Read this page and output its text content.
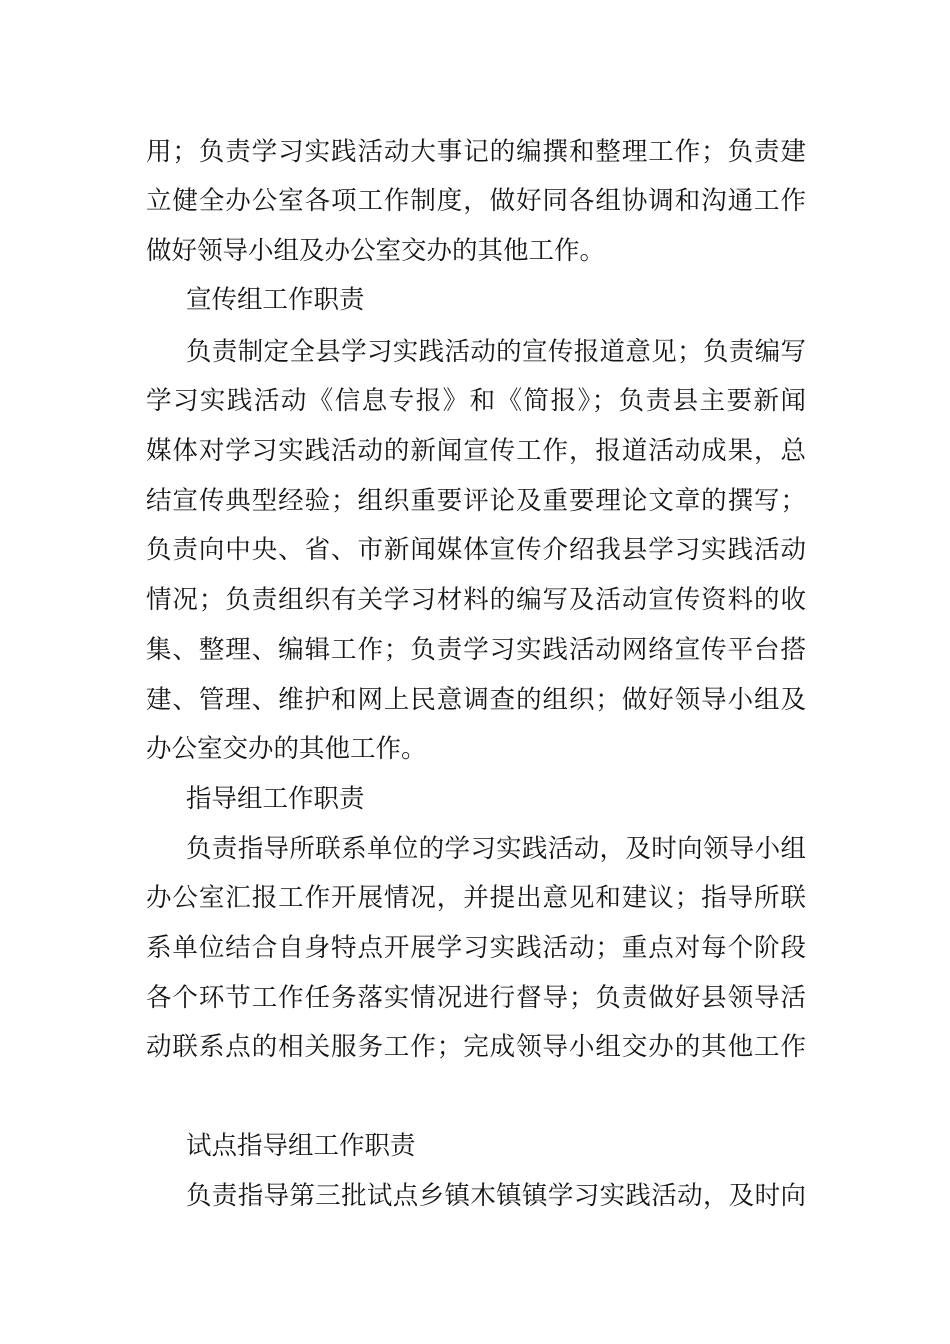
用；负责学习实践活动大事记的编撰和整理工作；负责建

立健全办公室各项工作制度，做好同各组协调和沟通工作

做好领导小组及办公室交办的其他工作。

宣传组工作职责

负责制定全县学习实践活动的宣传报道意见；负责编写

学习实践活动《信息专报》和《简报》；负责县主要新闻

媒体对学习实践活动的新闻宣传工作，报道活动成果，总

结宣传典型经验；组织重要评论及重要理论文章的撰写；

负责向中央、省、市新闻媒体宣传介绍我县学习实践活动

情况；负责组织有关学习材料的编写及活动宣传资料的收

集、整理、编辑工作；负责学习实践活动网络宣传平台搭

建、管理、维护和网上民意调查的组织；做好领导小组及

办公室交办的其他工作。

指导组工作职责

负责指导所联系单位的学习实践活动，及时向领导小组

办公室汇报工作开展情况，并提出意见和建议；指导所联

系单位结合自身特点开展学习实践活动；重点对每个阶段

各个环节工作任务落实情况进行督导；负责做好县领导活

动联系点的相关服务工作；完成领导小组交办的其他工作

试点指导组工作职责

负责指导第三批试点乡镇木镇镇学习实践活动，及时向
